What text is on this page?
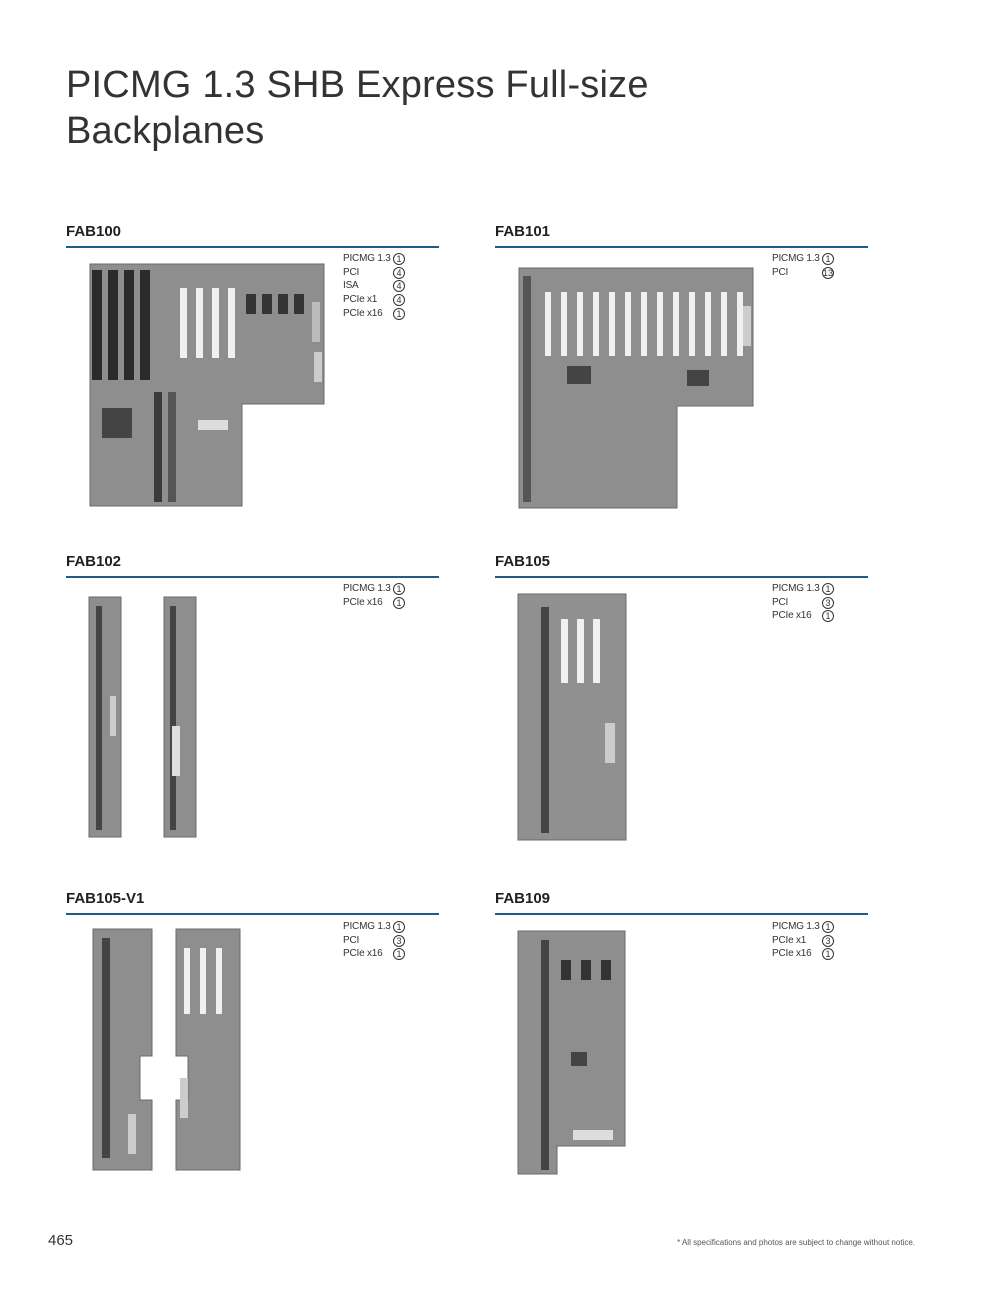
PICMG 1.3 SHB Express Full-size
Backplanes
FAB100
PICMG 1.3 1
PCI	4
ISA	4
PCIe x1	4
PCIe x16	1
FAB101
PICMG 1.3 1
PCI	13
FAB102
PICMG 1.3 1
PCIe x16	1
FAB105
PICMG 1.3 1
PCI	3
PCIe x16	1
FAB105-V1
PICMG 1.3 1
PCI	3
PCIe x16	1
FAB109
PICMG 1.3 1
PCIe x1	3
PCIe x16	1
465	* All specifications and photos are subject to change without notice.
